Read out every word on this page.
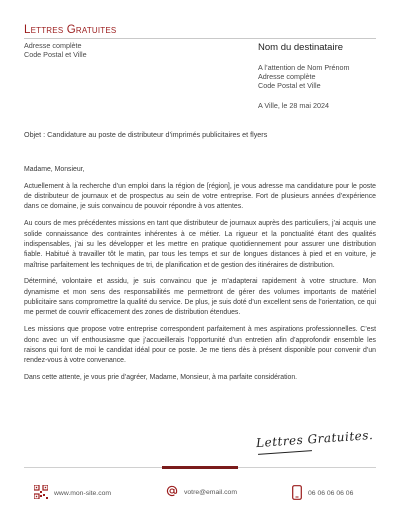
Lettres Gratuites
Adresse complète
Code Postal et Ville
Nom du destinataire
A l’attention de Nom Prénom
Adresse complète
Code Postal et Ville
A Ville, le 28 mai 2024
Objet : Candidature au poste de distributeur d’imprimés publicitaires et flyers

Madame, Monsieur,

Actuellement à la recherche d’un emploi dans la région de [région], je vous adresse ma candidature pour le poste de distributeur de journaux et de prospectus au sein de votre entreprise. Fort de plusieurs années d’expérience dans ce domaine, je suis convaincu de pouvoir répondre à vos attentes.

Au cours de mes précédentes missions en tant que distributeur de journaux auprès des particuliers, j’ai acquis une solide connaissance des contraintes inhérentes à ce métier. La rigueur et la ponctualité étant des qualités indispensables, j’ai su les développer et les mettre en pratique quotidiennement pour assurer une distribution fiable. Habitué à travailler tôt le matin, par tous les temps et sur de longues distances à pied et en voiture, je maîtrise parfaitement les techniques de tri, de planification et de gestion des itinéraires de distribution.

Déterminé, volontaire et assidu, je suis convaincu que je m’adapterai rapidement à votre structure. Mon dynamisme et mon sens des responsabilités me permettront de gérer des volumes importants de matériel publicitaire sans compromettre la qualité du service. De plus, je suis doté d’un excellent sens de l’orientation, ce qui me permet de couvrir efficacement des zones de distribution étendues.

Les missions que propose votre entreprise correspondent parfaitement à mes aspirations professionnelles. C’est donc avec un vif enthousiasme que j’accueillerais l’opportunité d’un entretien afin d’approfondir ensemble les raisons qui font de moi le candidat idéal pour ce poste. Je me tiens dès à présent disponible pour convenir d’un rendez-vous à votre convenance.

Dans cette attente, je vous prie d’agréer, Madame, Monsieur, à ma parfaite considération.

Lettres Gratuites.
www.mon-site.com	votre@email.com	06 06 06 06 06
